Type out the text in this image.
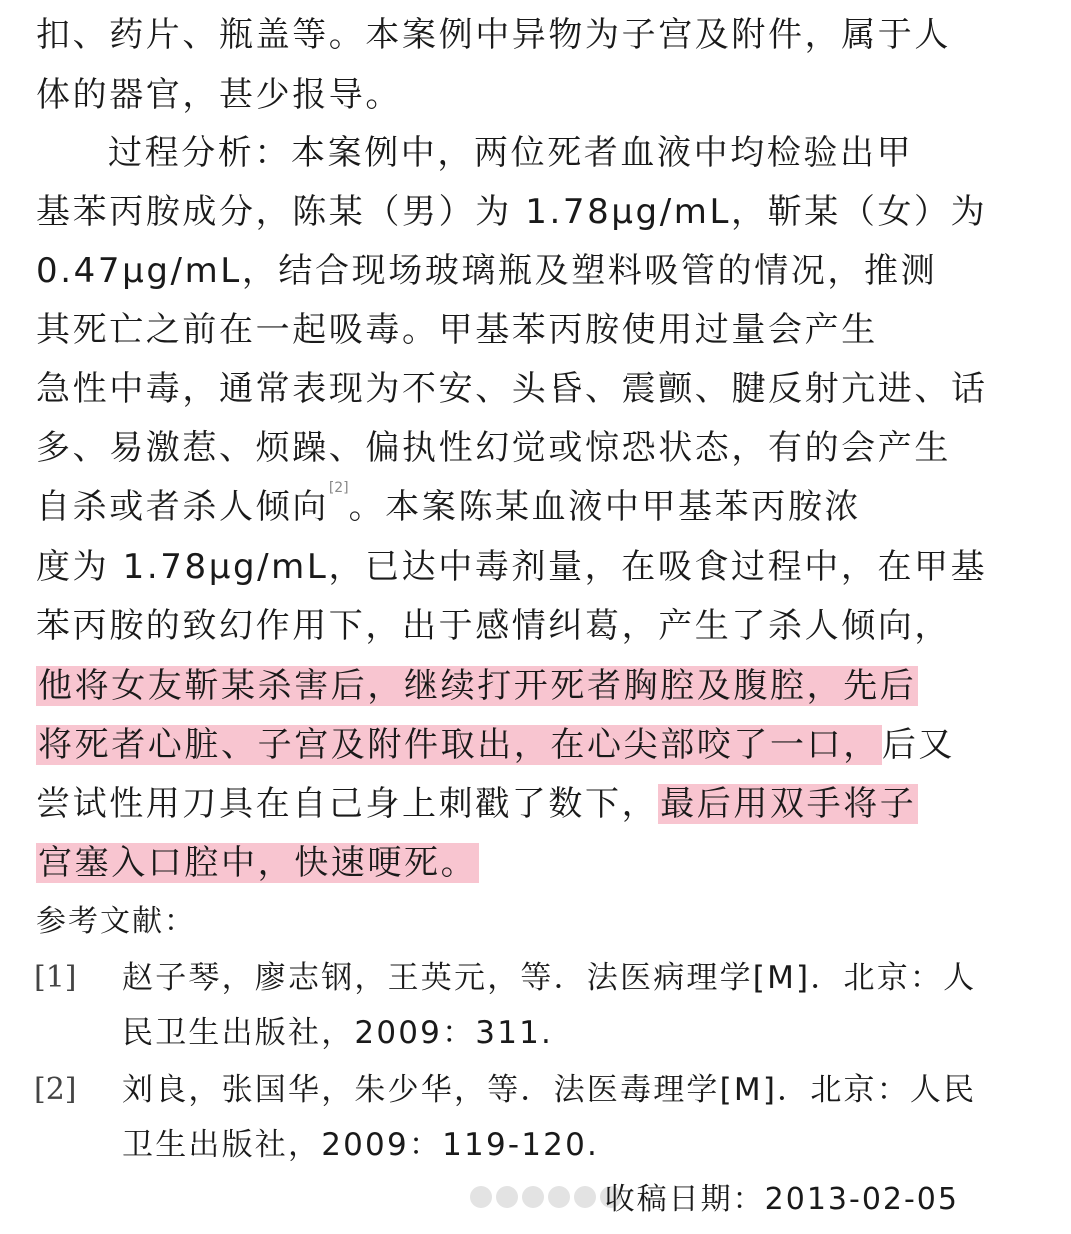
扣、药片、瓶盖等。本案例中异物为子宫及附件，属于人
体的器官，甚少报导。
过程分析：本案例中，两位死者血液中均检验出甲
基苯丙胺成分，陈某（男）为 1.78μg/mL，靳某（女）为
0.47μg/mL，结合现场玻璃瓶及塑料吸管的情况，推测
其死亡之前在一起吸毒。甲基苯丙胺使用过量会产生
急性中毒，通常表现为不安、头昏、震颤、腱反射亢进、话
多、易激惹、烦躁、偏执性幻觉或惊恐状态，有的会产生
自杀或者杀人倾向[2]。本案陈某血液中甲基苯丙胺浓
度为 1.78μg/mL，已达中毒剂量，在吸食过程中，在甲基
苯丙胺的致幻作用下，出于感情纠葛，产生了杀人倾向，
他将女友靳某杀害后，继续打开死者胸腔及腹腔，先后
将死者心脏、子宫及附件取出，在心尖部咬了一口，后又
尝试性用刀具在自己身上刺戳了数下，最后用双手将子
宫塞入口腔中，快速哽死。
参考文献：
[1] 赵子琴，廖志钢，王英元，等．法医病理学[M]．北京：人
民卫生出版社，2009：311.
[2] 刘良，张国华，朱少华，等．法医毒理学[M]．北京：人民
卫生出版社，2009：119-120.
收稿日期：2013-02-05
